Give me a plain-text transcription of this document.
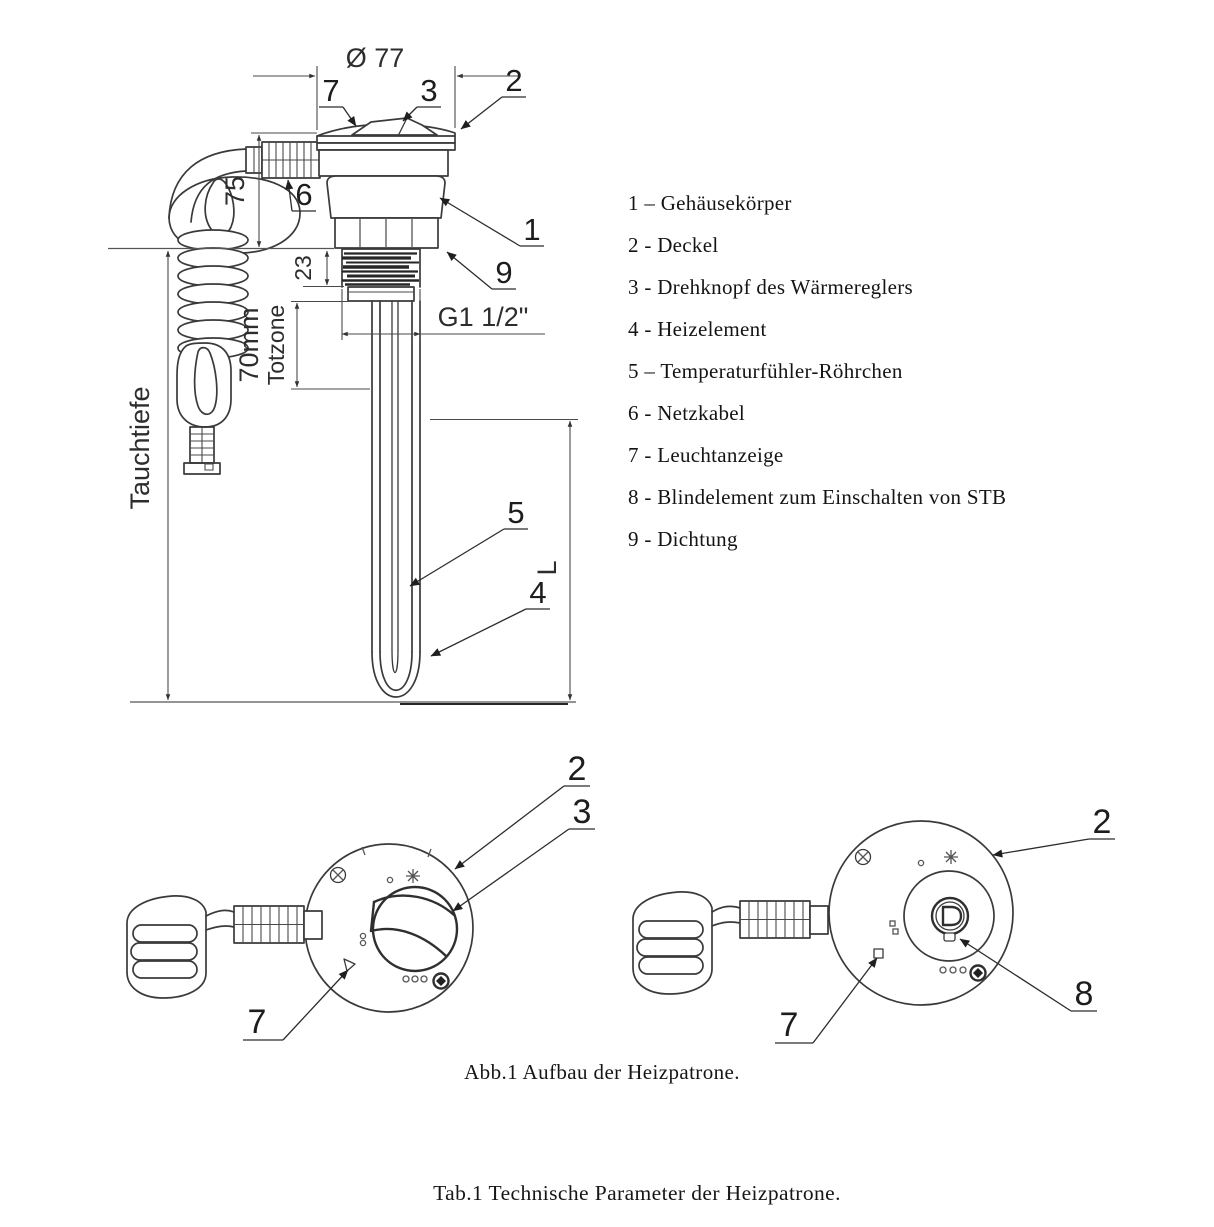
Ø 77
75
23
70mm Totzone	G1 1/2"
Tauchtiefe
L
7	3 2
6
1
9
5
4
2
3
7
2
8
7
1 – Gehäusekörper
2 - Deckel
3 - Drehknopf des Wärmereglers
4 - Heizelement
5 – Temperaturfühler-Röhrchen
6 - Netzkabel
7 - Leuchtanzeige
8 - Blindelement zum Einschalten von STB
9 - Dichtung
Abb.1 Aufbau der Heizpatrone.
Tab.1 Technische Parameter der Heizpatrone.
